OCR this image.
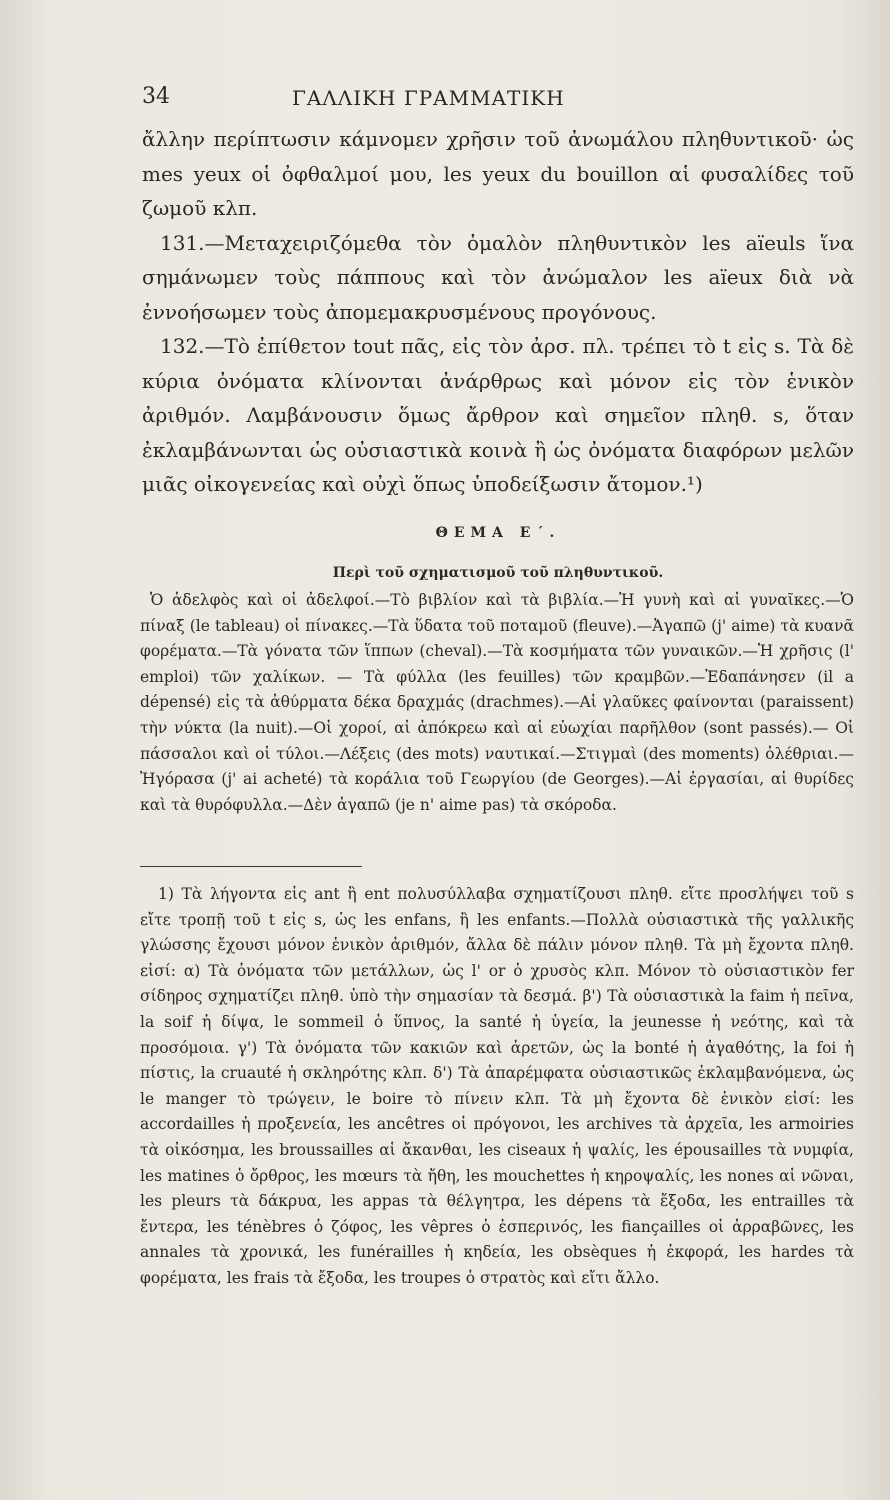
34	ΓΑΛΛΙΚΗ ΓΡΑΜΜΑΤΙΚΗ

ἄλλην περίπτωσιν κάμνομεν χρῆσιν τοῦ ἀνωμάλου πληθυντικοῦ· ὡς mes yeux οἱ ὀφθαλμοί μου, les yeux du bouillon αἱ φυσαλίδες τοῦ ζωμοῦ κλπ.

131.—Μεταχειριζόμεθα τὸν ὁμαλὸν πληθυντικὸν les aïeuls ἵνα σημάνωμεν τοὺς πάππους καὶ τὸν ἀνώμαλον les aïeux διὰ νὰ ἐννοήσωμεν τοὺς ἀπομεμακρυσμένους προγόνους.

132.—Τὸ ἐπίθετον tout πᾶς, εἰς τὸν ἀρσ. πλ. τρέπει τὸ t εἰς s. Τὰ δὲ κύρια ὀνόματα κλίνονται ἀνάρθρως καὶ μόνον εἰς τὸν ἑνικὸν ἀριθμόν. Λαμβάνουσιν ὅμως ἄρθρον καὶ σημεῖον πληθ. s, ὅταν ἐκλαμβάνωνται ὡς οὐσιαστικὰ κοινὰ ἢ ὡς ὀνόματα διαφόρων μελῶν μιᾶς οἰκογενείας καὶ οὐχὶ ὅπως ὑποδείξωσιν ἄτομον.¹)

ΘΕΜΑ Ε΄.
Περὶ τοῦ σχηματισμοῦ τοῦ πληθυντικοῦ.

Ὁ ἀδελφὸς καὶ οἱ ἀδελφοί.—Τὸ βιβλίον καὶ τὰ βιβλία.—Ἡ γυνὴ καὶ αἱ γυναῖκες.—Ὁ πίναξ (le tableau) οἱ πίνακες.—Τὰ ὕδατα τοῦ ποταμοῦ (fleuve).—Ἀγαπῶ (j' aime) τὰ κυανᾶ φορέματα.—Τὰ γόνατα τῶν ἵππων (cheval).—Τὰ κοσμήματα τῶν γυναικῶν.—Ἡ χρῆσις (l' emploi) τῶν χαλίκων. — Τὰ φύλλα (les feuilles) τῶν κραμβῶν.—Ἐδαπάνησεν (il a dépensé) εἰς τὰ ἀθύρματα δέκα δραχμάς (drachmes).—Αἱ γλαῦκες φαίνονται (paraissent) τὴν νύκτα (la nuit).—Οἱ χοροί, αἱ ἀπόκρεω καὶ αἱ εὐωχίαι παρῆλθον (sont passés).— Οἱ πάσσαλοι καὶ οἱ τύλοι.—Λέξεις (des mots) ναυτικαί.—Στιγμαὶ (des moments) ὀλέθριαι.—Ἠγόρασα (j' ai acheté) τὰ κοράλια τοῦ Γεωργίου (de Georges).—Αἱ ἐργασίαι, αἱ θυρίδες καὶ τὰ θυρόφυλλα.—Δὲν ἀγαπῶ (je n' aime pas) τὰ σκόροδα.

1) Τὰ λήγοντα εἰς ant ἢ ent πολυσύλλαβα σχηματίζουσι πληθ. εἴτε προσλήψει τοῦ s εἴτε τροπῇ τοῦ t εἰς s, ὡς les enfans, ἢ les enfants.—Πολλὰ οὐσιαστικὰ τῆς γαλλικῆς γλώσσης ἔχουσι μόνον ἑνικὸν ἀριθμόν, ἄλλα δὲ πάλιν μόνον πληθ. Τὰ μὴ ἔχοντα πληθ. εἰσί: α) Τὰ ὀνόματα τῶν μετάλλων, ὡς l' or ὁ χρυσὸς κλπ. Μόνον τὸ οὐσιαστικὸν fer σίδηρος σχηματίζει πληθ. ὑπὸ τὴν σημασίαν τὰ δεσμά. β') Τὰ οὐσιαστικὰ la faim ἡ πεῖνα, la soif ἡ δίψα, le sommeil ὁ ὕπνος, la santé ἡ ὑγεία, la jeunesse ἡ νεότης, καὶ τὰ προσόμοια. γ') Τὰ ὀνόματα τῶν κακιῶν καὶ ἀρετῶν, ὡς la bonté ἡ ἀγαθότης, la foi ἡ πίστις, la cruauté ἡ σκληρότης κλπ. δ') Τὰ ἀπαρέμφατα οὐσιαστικῶς ἐκλαμβανόμενα, ὡς le manger τὸ τρώγειν, le boire τὸ πίνειν κλπ. Τὰ μὴ ἔχοντα δὲ ἑνικὸν εἰσί: les accordailles ἡ προξενεία, les ancêtres οἱ πρόγονοι, les archives τὰ ἀρχεῖα, les armoiries τὰ οἰκόσημα, les broussailles αἱ ἄκανθαι, les ciseaux ἡ ψαλίς, les épousailles τὰ νυμφία, les matines ὁ ὄρθρος, les mœurs τὰ ἤθη, les mouchettes ἡ κηροψαλίς, les nones αἱ νῶναι, les pleurs τὰ δάκρυα, les appas τὰ θέλγητρα, les dépens τὰ ἔξοδα, les entrailles τὰ ἔντερα, les ténèbres ὁ ζόφος, les vêpres ὁ ἑσπερινός, les fiançailles οἱ ἀρραβῶνες, les annales τὰ χρονικά, les funérailles ἡ κηδεία, les obsèques ἡ ἐκφορά, les hardes τὰ φορέματα, les frais τὰ ἔξοδα, les troupes ὁ στρατὸς καὶ εἴτι ἄλλο.
